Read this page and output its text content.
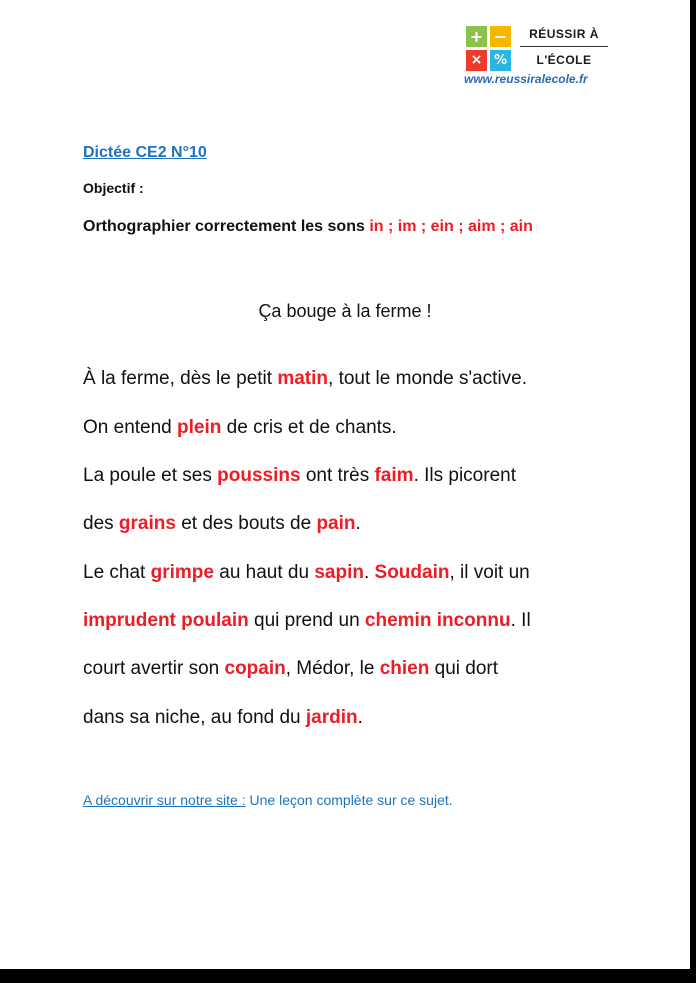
+ −
× %
RÉUSSIR À
L'ÉCOLE
www.reussiralecole.fr
Dictée CE2 N°10
Objectif :
Orthographier correctement les sons in ; im ; ein ; aim ; ain
Ça bouge à la ferme !
À la ferme, dès le petit matin, tout le monde s'active.
On entend plein de cris et de chants.
La poule et ses poussins ont très faim. Ils picorent
des grains et des bouts de pain.
Le chat grimpe au haut du sapin. Soudain, il voit un
imprudent poulain qui prend un chemin inconnu. Il
court avertir son copain, Médor, le chien qui dort
dans sa niche, au fond du jardin.
A découvrir sur notre site : Une leçon complète sur ce sujet.
